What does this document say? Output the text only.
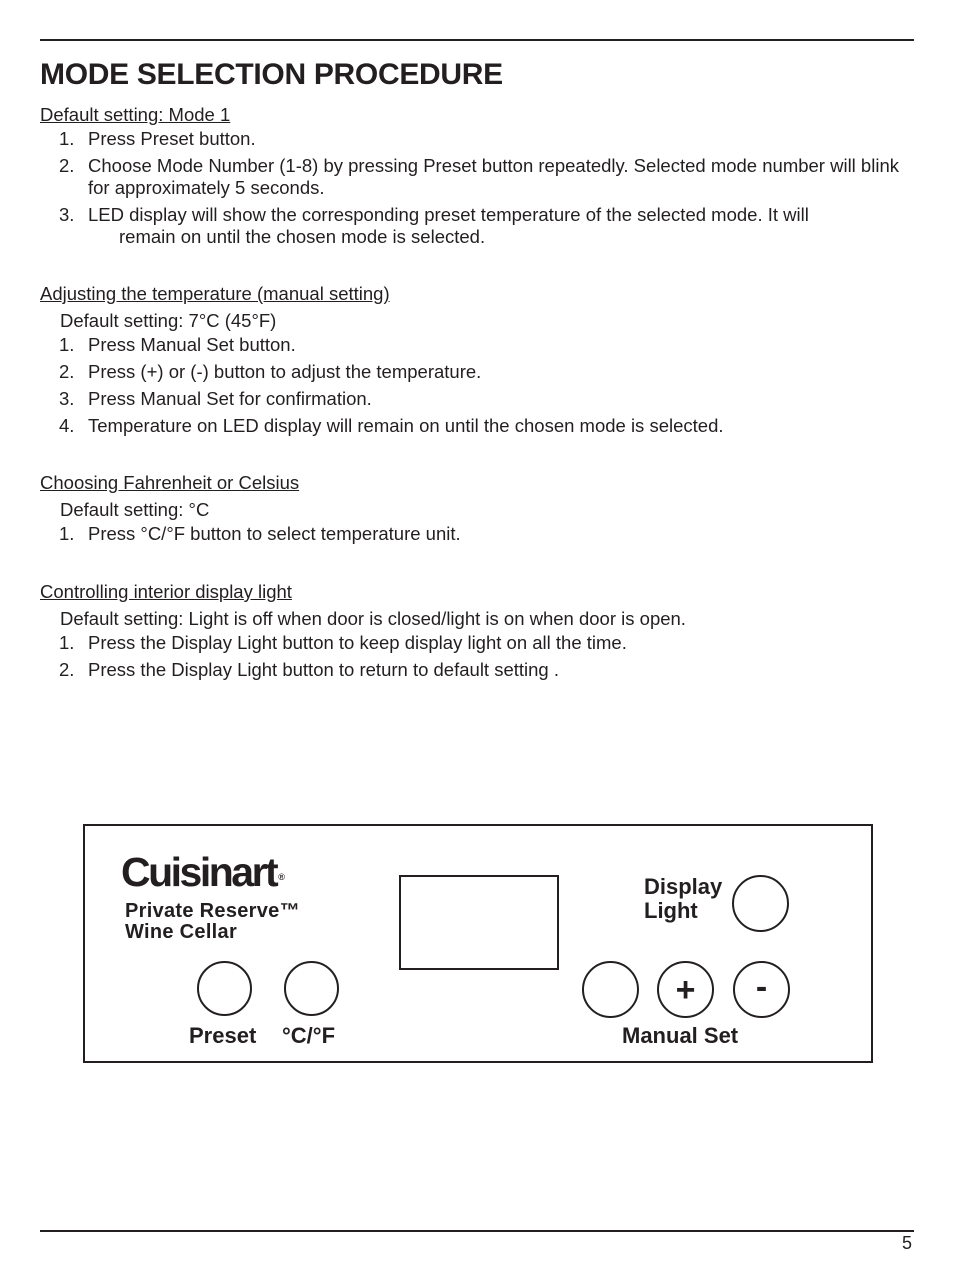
MODE SELECTION PROCEDURE
Default setting: Mode 1
1. Press Preset button.
2. Choose Mode Number (1-8) by pressing Preset button repeatedly. Selected mode number will blink for approximately 5 seconds.
3. LED display will show the corresponding preset temperature of the selected mode. It will
remain on until the chosen mode is selected.
Adjusting the temperature (manual setting)
Default setting: 7°C (45°F)
1. Press Manual Set button.
2. Press (+) or (-) button to adjust the temperature.
3. Press Manual Set for confirmation.
4. Temperature on LED display will remain on until the chosen mode is selected.
Choosing Fahrenheit or Celsius
Default setting: °C
1. Press °C/°F button to select temperature unit.
Controlling interior display light
Default setting: Light is off when door is closed/light is on when door is open.
1. Press the Display Light button to keep display light on all the time.
2. Press the Display Light button to return to default setting .
Cuisinart ®
Private Reserve™
Wine Cellar
Preset °C/°F
Display
Light
+ -
Manual Set
5
